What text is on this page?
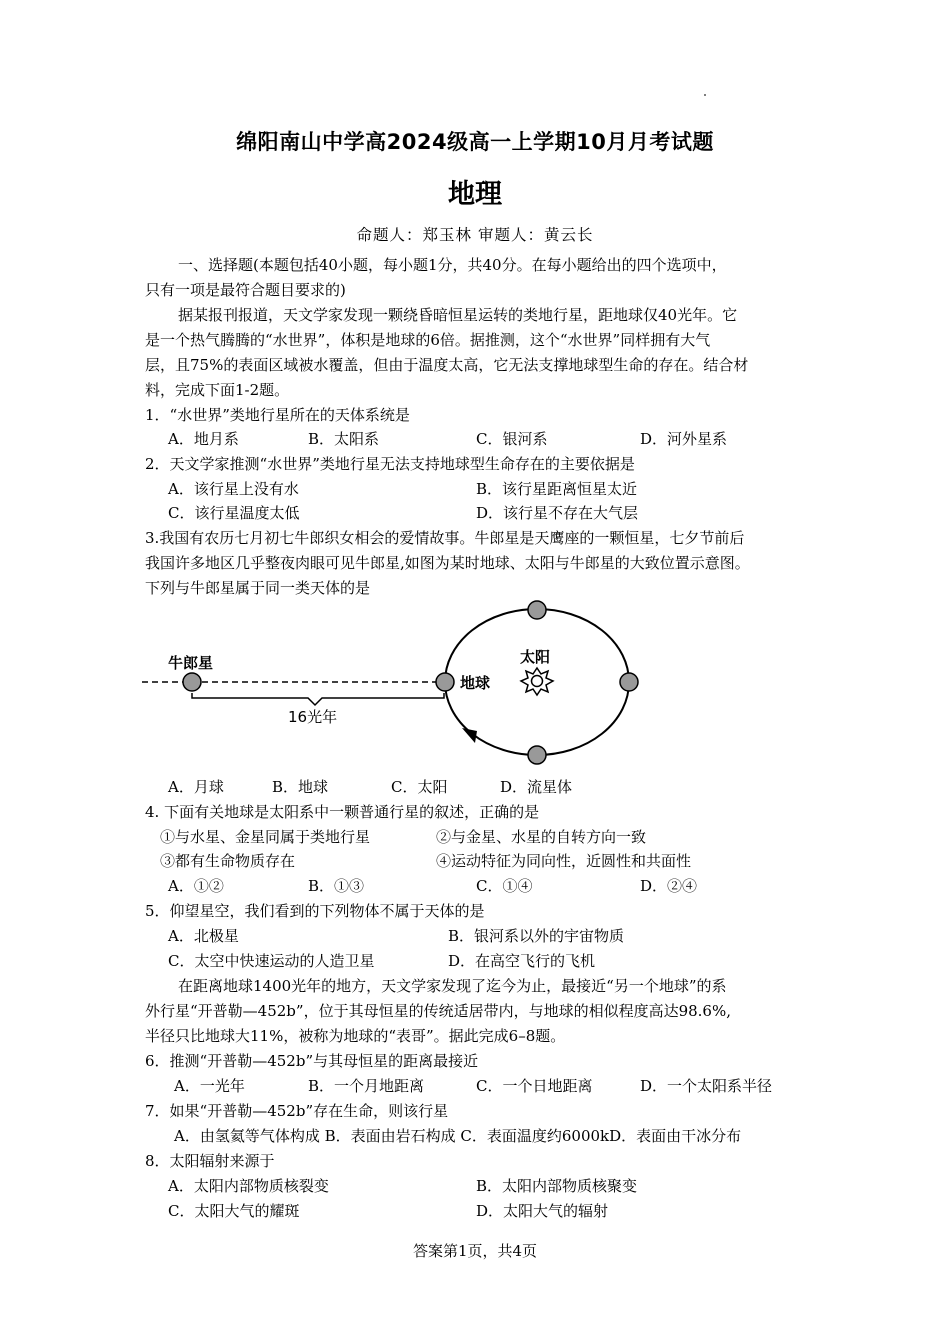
绵阳南山中学高2024级高一上学期10月月考试题
地理
命题人：郑玉林 审题人：黄云长
一、选择题(本题包括40小题，每小题1分，共40分。在每小题给出的四个选项中，
只有一项是最符合题目要求的)
据某报刊报道，天文学家发现一颗绕昏暗恒星运转的类地行星，距地球仅40光年。它
是一个热气腾腾的“水世界”，体积是地球的6倍。据推测，这个“水世界”同样拥有大气
层，且75%的表面区域被水覆盖，但由于温度太高，它无法支撑地球型生命的存在。结合材
料，完成下面1-2题。
1．“水世界”类地行星所在的天体系统是
A．地月系	B．太阳系	C．银河系	D．河外星系
2．天文学家推测“水世界”类地行星无法支持地球型生命存在的主要依据是
A．该行星上没有水	B．该行星距离恒星太近
C．该行星温度太低	D．该行星不存在大气层
3.我国有农历七月初七牛郎织女相会的爱情故事。牛郎星是天鹰座的一颗恒星，七夕节前后
我国许多地区几乎整夜肉眼可见牛郎星,如图为某时地球、太阳与牛郎星的大致位置示意图。
下列与牛郎星属于同一类天体的是
牛郎星
16光年
地球
太阳
A．月球	B．地球	C．太阳	D．流星体
4. 下面有关地球是太阳系中一颗普通行星的叙述，正确的是
①与水星、金星同属于类地行星	②与金星、水星的自转方向一致
③都有生命物质存在	④运动特征为同向性，近圆性和共面性
A．①②	B．①③	C．①④	D．②④
5．仰望星空，我们看到的下列物体不属于天体的是
A．北极星	B．银河系以外的宇宙物质
C．太空中快速运动的人造卫星	D．在高空飞行的飞机
在距离地球1400光年的地方，天文学家发现了迄今为止，最接近“另一个地球”的系
外行星“开普勒—452b”，位于其母恒星的传统适居带内，与地球的相似程度高达98.6%,
半径只比地球大11%，被称为地球的“表哥”。据此完成6–8题。
6．推测“开普勒—452b”与其母恒星的距离最接近
A．一光年	B．一个月地距离	C．一个日地距离	D．一个太阳系半径
7．如果“开普勒—452b”存在生命，则该行星
A．由氢氦等气体构成 B．表面由岩石构成 C．表面温度约6000kD．表面由干冰分布
8．太阳辐射来源于
A．太阳内部物质核裂变	B．太阳内部物质核聚变
C．太阳大气的耀斑	D．太阳大气的辐射
答案第1页，共4页
